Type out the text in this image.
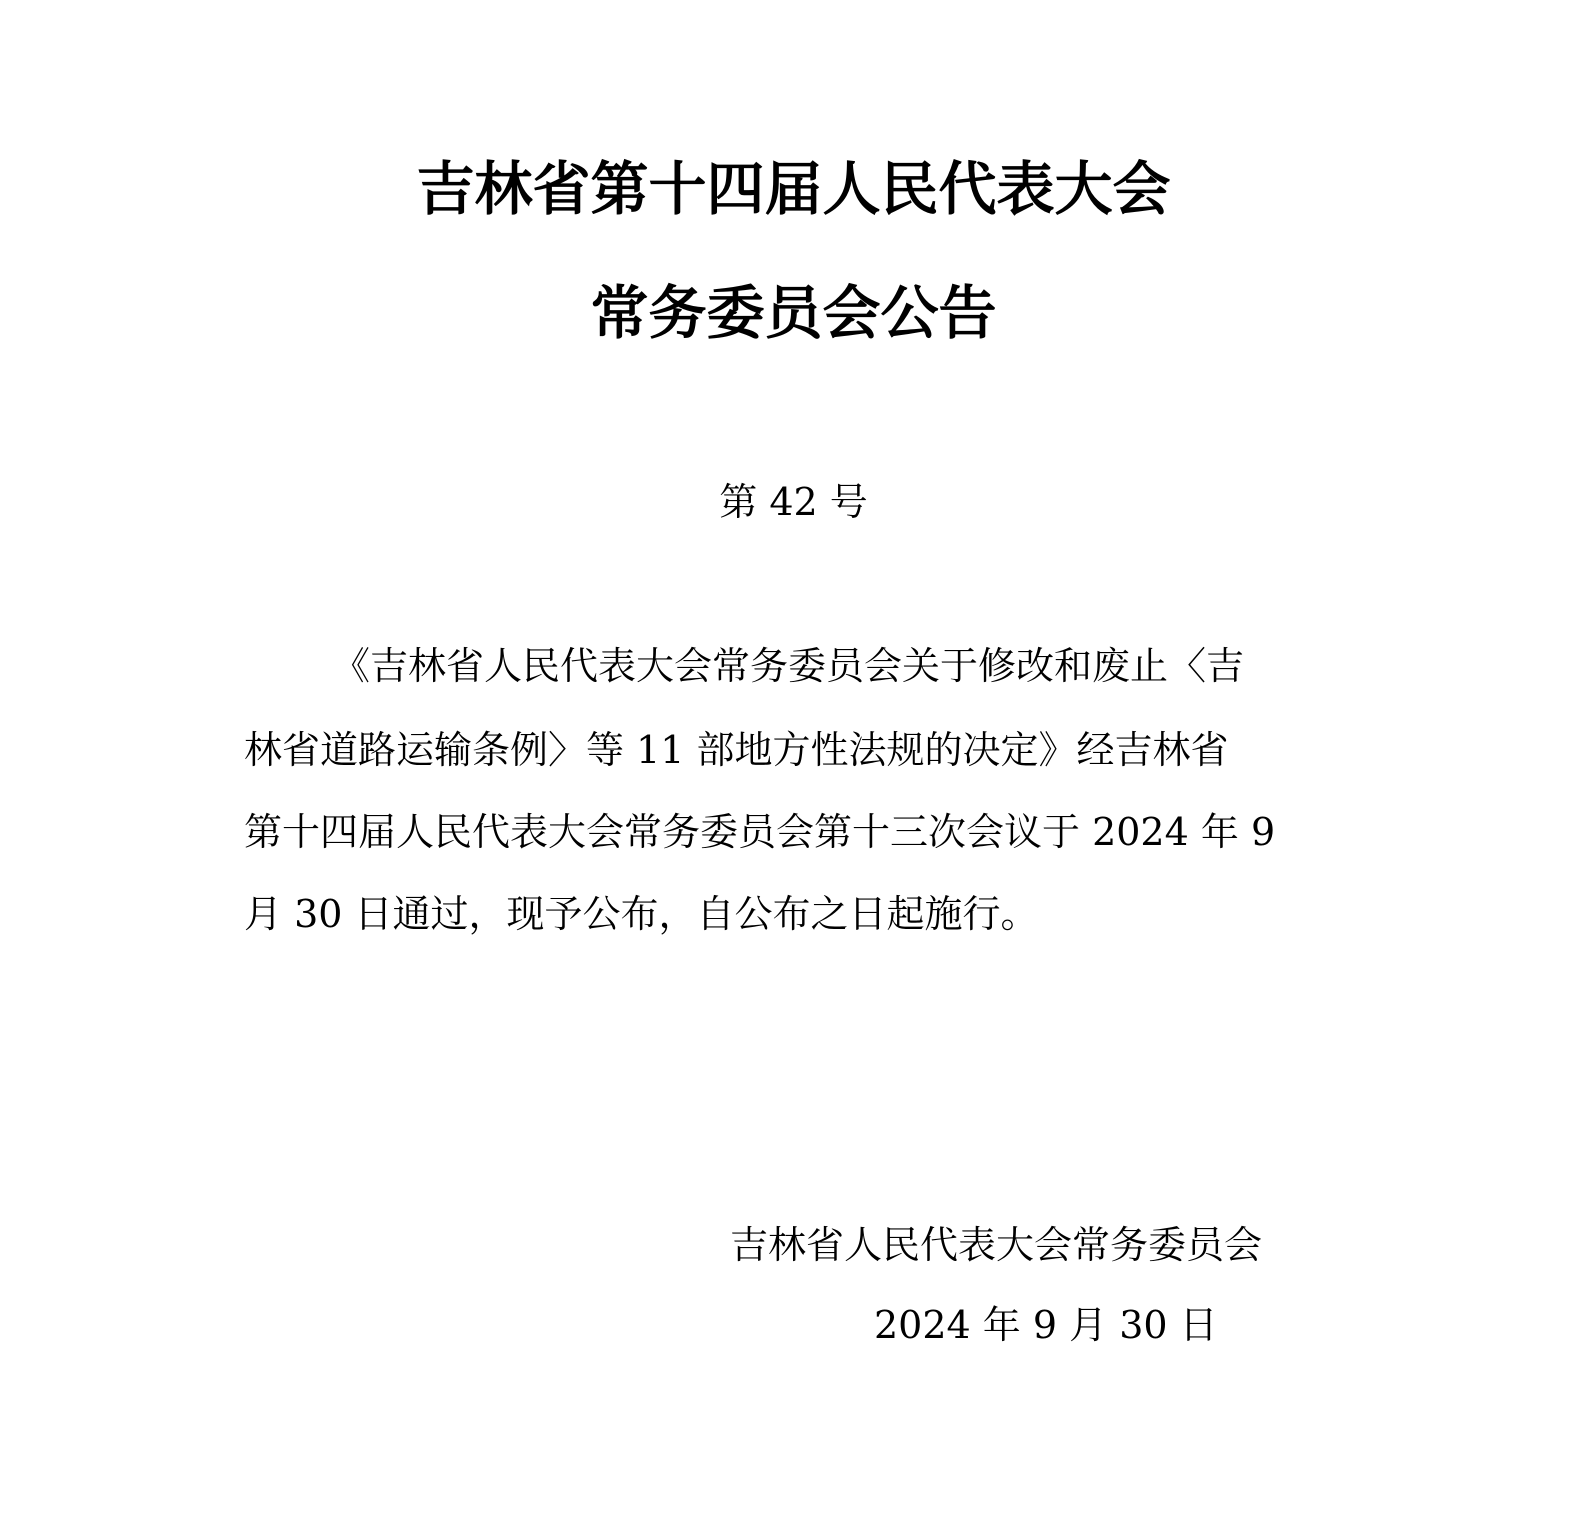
吉林省第十四届人民代表大会
常务委员会公告
第 42 号
《吉林省人民代表大会常务委员会关于修改和废止〈吉
林省道路运输条例〉等 11 部地方性法规的决定》经吉林省
第十四届人民代表大会常务委员会第十三次会议于 2024 年 9
月 30 日通过，现予公布，自公布之日起施行。
吉林省人民代表大会常务委员会
2024 年 9 月 30 日
